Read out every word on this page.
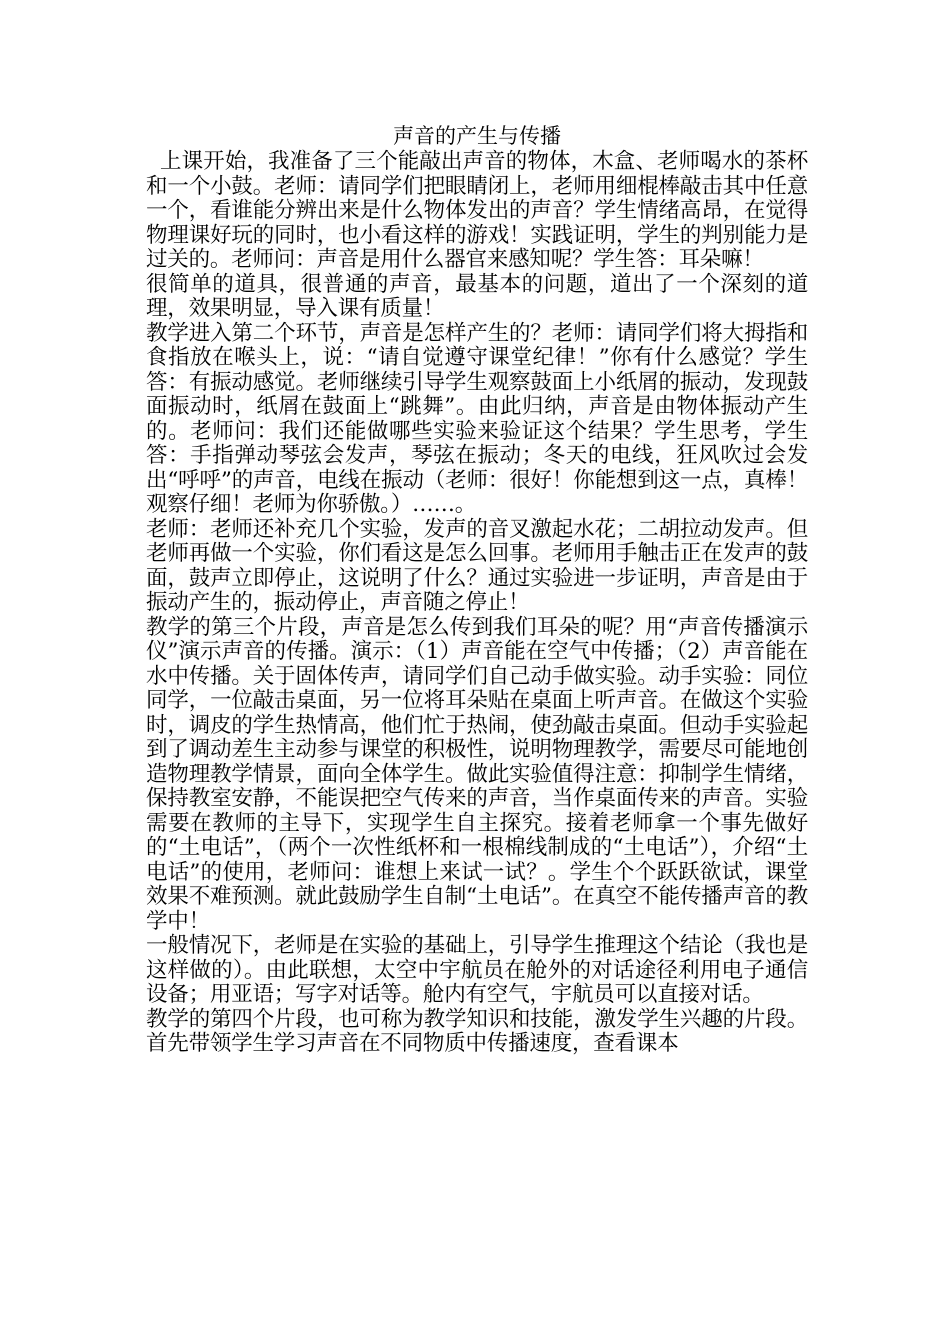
声音的产生与传播

上课开始，我准备了三个能敲出声音的物体，木盒、老师喝水的茶杯和一个小鼓。老师：请同学们把眼睛闭上，老师用细棍棒敲击其中任意一个，看谁能分辨出来是什么物体发出的声音？学生情绪高昂，在觉得物理课好玩的同时，也小看这样的游戏！实践证明，学生的判别能力是过关的。老师问：声音是用什么器官来感知呢？学生答：耳朵嘛！

很简单的道具，很普通的声音，最基本的问题，道出了一个深刻的道理，效果明显，导入课有质量！

教学进入第二个环节，声音是怎样产生的？老师：请同学们将大拇指和食指放在喉头上，说：“请自觉遵守课堂纪律！”你有什么感觉？学生答：有振动感觉。老师继续引导学生观察鼓面上小纸屑的振动，发现鼓面振动时，纸屑在鼓面上“跳舞”。由此归纳，声音是由物体振动产生的。老师问：我们还能做哪些实验来验证这个结果？学生思考，学生答：手指弹动琴弦会发声，琴弦在振动；冬天的电线，狂风吹过会发出“呼呼”的声音，电线在振动（老师：很好！你能想到这一点，真棒！观察仔细！老师为你骄傲。）……。

老师：老师还补充几个实验，发声的音叉激起水花；二胡拉动发声。但老师再做一个实验，你们看这是怎么回事。老师用手触击正在发声的鼓面，鼓声立即停止，这说明了什么？通过实验进一步证明，声音是由于振动产生的，振动停止，声音随之停止！

教学的第三个片段，声音是怎么传到我们耳朵的呢？用“声音传播演示仪”演示声音的传播。演示：（1）声音能在空气中传播；（2）声音能在水中传播。关于固体传声，请同学们自己动手做实验。动手实验：同位同学，一位敲击桌面，另一位将耳朵贴在桌面上听声音。在做这个实验时，调皮的学生热情高，他们忙于热闹，使劲敲击桌面。但动手实验起到了调动差生主动参与课堂的积极性，说明物理教学，需要尽可能地创造物理教学情景，面向全体学生。做此实验值得注意：抑制学生情绪，保持教室安静，不能误把空气传来的声音，当作桌面传来的声音。实验需要在教师的主导下，实现学生自主探究。接着老师拿一个事先做好的“土电话”，（两个一次性纸杯和一根棉线制成的“土电话”），介绍“土电话”的使用，老师问：谁想上来试一试？。学生个个跃跃欲试，课堂效果不难预测。就此鼓励学生自制“土电话”。在真空不能传播声音的教学中！

一般情况下，老师是在实验的基础上，引导学生推理这个结论（我也是这样做的）。由此联想，太空中宇航员在舱外的对话途径利用电子通信设备；用亚语；写字对话等。舱内有空气，宇航员可以直接对话。

教学的第四个片段，也可称为教学知识和技能，激发学生兴趣的片段。首先带领学生学习声音在不同物质中传播速度，查看课本
